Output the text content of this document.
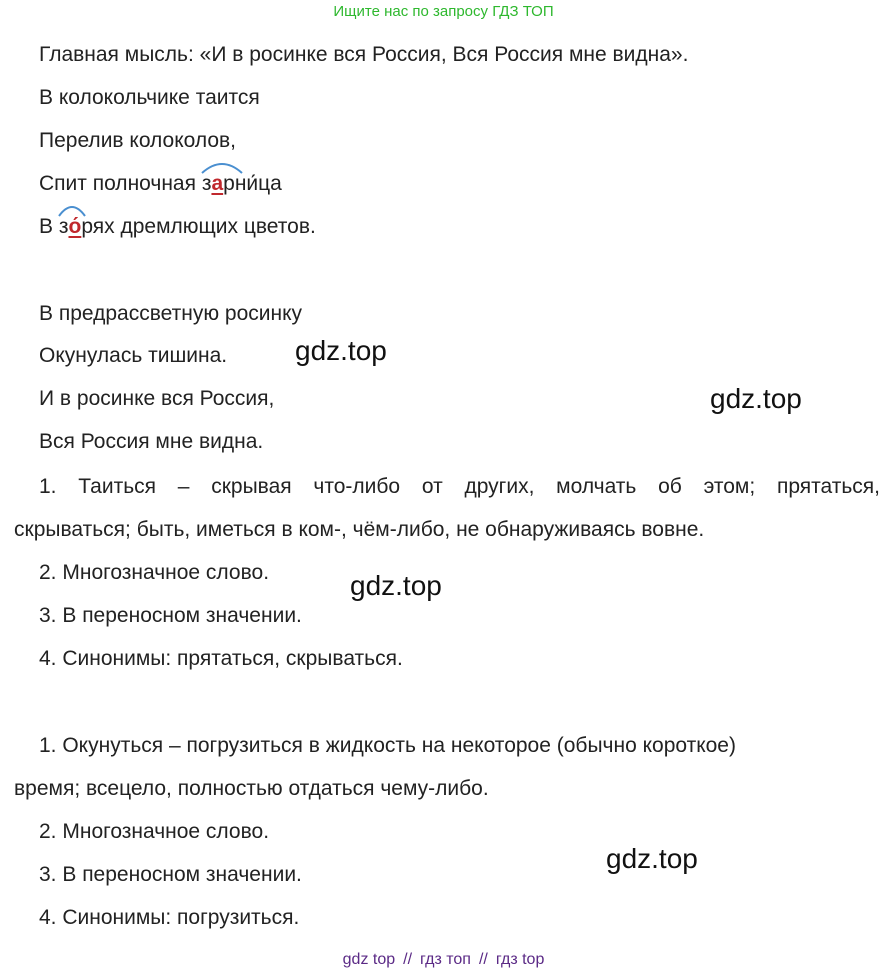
Ищите нас по запросу ГДЗ ТОП
Главная мысль: «И в росинке вся Россия, Вся Россия мне видна».
В колокольчике таится
Перелив колоколов,
Спит полночная
зарни́ца
В
зо́рях дремлющих цветов.
В предрассветную росинку
Окунулась тишина.
И в росинке вся Россия,
Вся Россия мне видна.
1. Таиться – скрывая что-либо от других, молчать об этом; прятаться,
скрываться; быть, иметься в ком-, чём-либо, не обнаруживаясь вовне.
2. Многозначное слово.
3. В переносном значении.
4. Синонимы: прятаться, скрываться.
1. Окунуться – погрузиться в жидкость на некоторое (обычно короткое)
время; всецело, полностью отдаться чему-либо.
2. Многозначное слово.
3. В переносном значении.
4. Синонимы: погрузиться.
gdz.top
gdz.top
gdz.top
gdz.top
gdz top // гдз топ // гдз top
